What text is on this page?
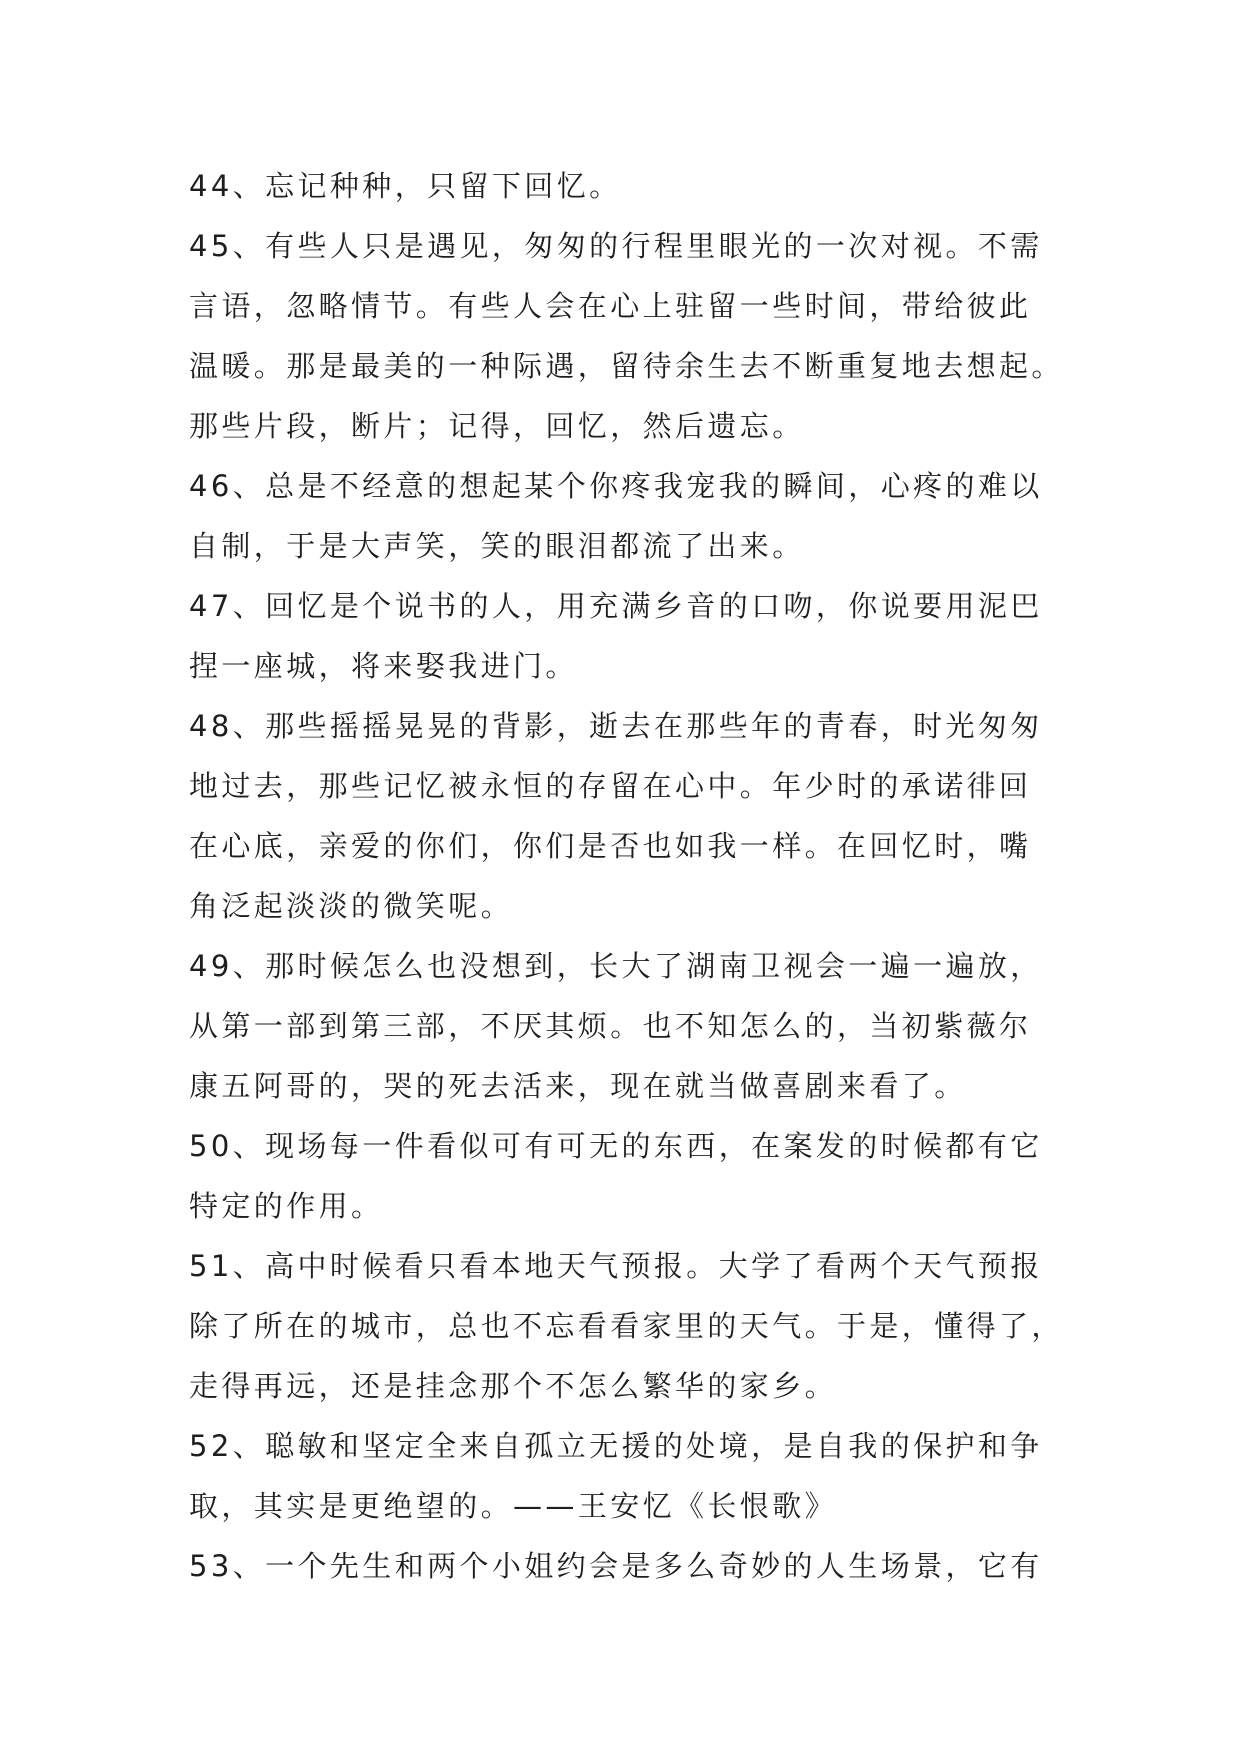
44、忘记种种，只留下回忆。
45、有些人只是遇见，匆匆的行程里眼光的一次对视。不需
言语，忽略情节。有些人会在心上驻留一些时间，带给彼此
温暖。那是最美的一种际遇，留待余生去不断重复地去想起。
那些片段，断片；记得，回忆，然后遗忘。
46、总是不经意的想起某个你疼我宠我的瞬间，心疼的难以
自制，于是大声笑，笑的眼泪都流了出来。
47、回忆是个说书的人，用充满乡音的口吻，你说要用泥巴
捏一座城，将来娶我进门。
48、那些摇摇晃晃的背影，逝去在那些年的青春，时光匆匆
地过去，那些记忆被永恒的存留在心中。年少时的承诺徘回
在心底，亲爱的你们，你们是否也如我一样。在回忆时，嘴
角泛起淡淡的微笑呢。
49、那时候怎么也没想到，长大了湖南卫视会一遍一遍放，
从第一部到第三部，不厌其烦。也不知怎么的，当初紫薇尔
康五阿哥的，哭的死去活来，现在就当做喜剧来看了。
50、现场每一件看似可有可无的东西，在案发的时候都有它
特定的作用。
51、高中时候看只看本地天气预报。大学了看两个天气预报
除了所在的城市，总也不忘看看家里的天气。于是，懂得了，
走得再远，还是挂念那个不怎么繁华的家乡。
52、聪敏和坚定全来自孤立无援的处境，是自我的保护和争
取，其实是更绝望的。——王安忆《长恨歌》
53、一个先生和两个小姐约会是多么奇妙的人生场景，它有
